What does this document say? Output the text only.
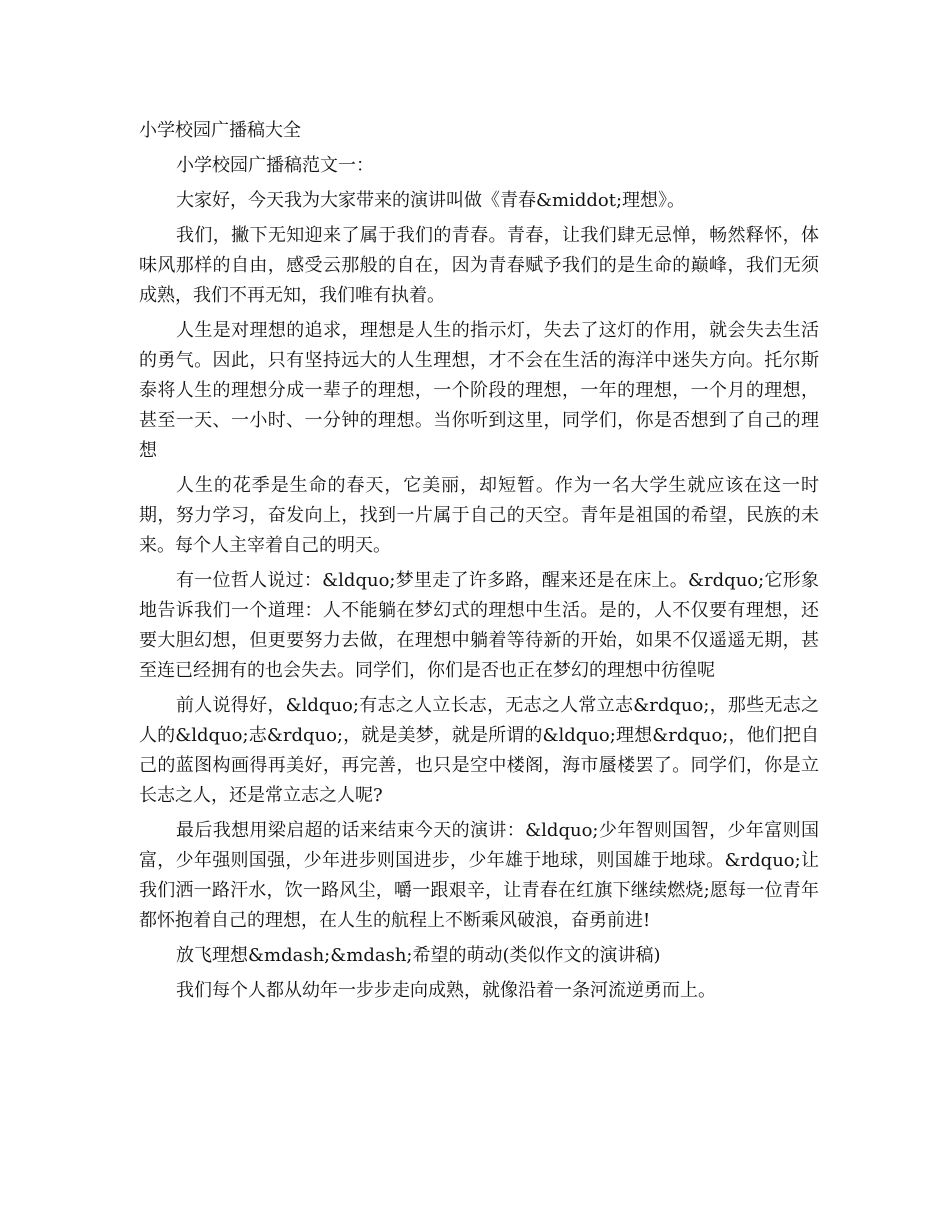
小学校园广播稿大全

小学校园广播稿范文一：

大家好，今天我为大家带来的演讲叫做《青春&middot;理想》。

我们，撇下无知迎来了属于我们的青春。青春，让我们肆无忌惮，畅然释怀，体味风那样的自由，感受云那般的自在，因为青春赋予我们的是生命的巅峰，我们无须成熟，我们不再无知，我们唯有执着。

人生是对理想的追求，理想是人生的指示灯，失去了这灯的作用，就会失去生活的勇气。因此，只有坚持远大的人生理想，才不会在生活的海洋中迷失方向。托尔斯泰将人生的理想分成一辈子的理想，一个阶段的理想，一年的理想，一个月的理想，甚至一天、一小时、一分钟的理想。当你听到这里，同学们，你是否想到了自己的理想

人生的花季是生命的春天，它美丽，却短暂。作为一名大学生就应该在这一时期，努力学习，奋发向上，找到一片属于自己的天空。青年是祖国的希望，民族的未来。每个人主宰着自己的明天。

有一位哲人说过：&ldquo;梦里走了许多路，醒来还是在床上。&rdquo;它形象地告诉我们一个道理：人不能躺在梦幻式的理想中生活。是的，人不仅要有理想，还要大胆幻想，但更要努力去做，在理想中躺着等待新的开始，如果不仅遥遥无期，甚至连已经拥有的也会失去。同学们，你们是否也正在梦幻的理想中彷徨呢

前人说得好，&ldquo;有志之人立长志，无志之人常立志&rdquo;，那些无志之人的&ldquo;志&rdquo;，就是美梦，就是所谓的&ldquo;理想&rdquo;，他们把自己的蓝图构画得再美好，再完善，也只是空中楼阁，海市蜃楼罢了。同学们，你是立长志之人，还是常立志之人呢?

最后我想用梁启超的话来结束今天的演讲：&ldquo;少年智则国智，少年富则国富，少年强则国强，少年进步则国进步，少年雄于地球，则国雄于地球。&rdquo;让我们洒一路汗水，饮一路风尘，嚼一跟艰辛，让青春在红旗下继续燃烧;愿每一位青年都怀抱着自己的理想，在人生的航程上不断乘风破浪，奋勇前进!

放飞理想&mdash;&mdash;希望的萌动(类似作文的演讲稿)

我们每个人都从幼年一步步走向成熟，就像沿着一条河流逆勇而上。
